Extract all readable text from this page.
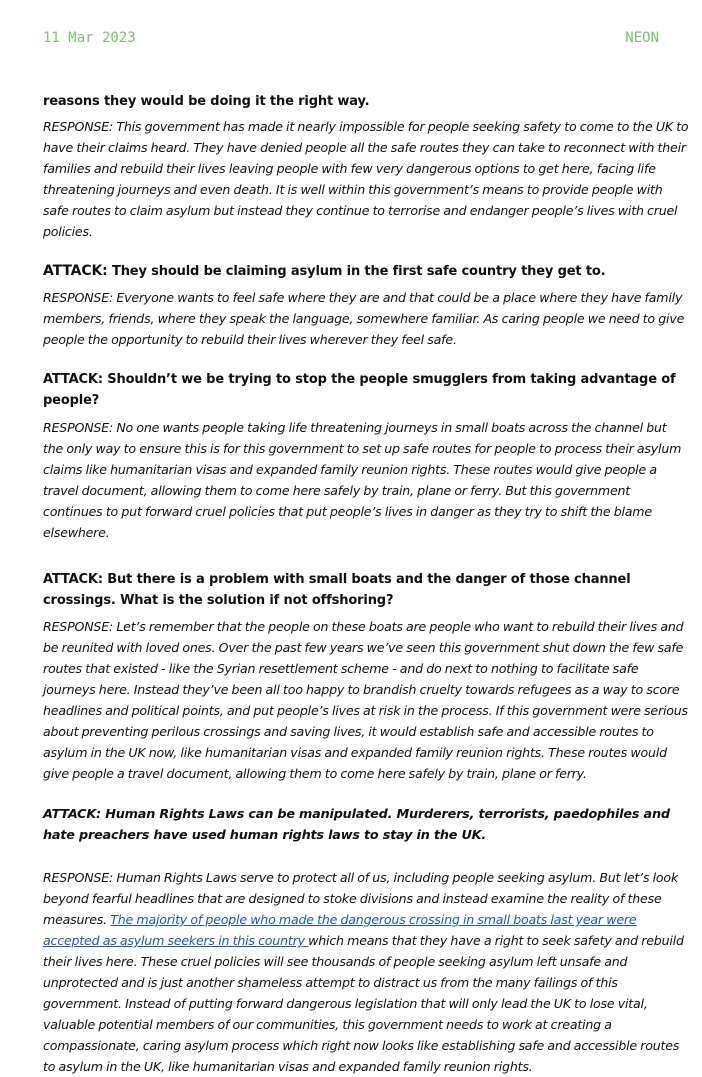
11 Mar 2023	NEON

reasons they would be doing it the right way.

RESPONSE: This government has made it nearly impossible for people seeking safety to come to the UK to have their claims heard. They have denied people all the safe routes they can take to reconnect with their families and rebuild their lives leaving people with few very dangerous options to get here, facing life threatening journeys and even death. It is well within this government’s means to provide people with safe routes to claim asylum but instead they continue to terrorise and endanger people’s lives with cruel policies.

ATTACK: They should be claiming asylum in the first safe country they get to.

RESPONSE: Everyone wants to feel safe where they are and that could be a place where they have family members, friends, where they speak the language, somewhere familiar. As caring people we need to give people the opportunity to rebuild their lives wherever they feel safe.

ATTACK: Shouldn’t we be trying to stop the people smugglers from taking advantage of people?

RESPONSE: No one wants people taking life threatening journeys in small boats across the channel but the only way to ensure this is for this government to set up safe routes for people to process their asylum claims like humanitarian visas and expanded family reunion rights. These routes would give people a travel document, allowing them to come here safely by train, plane or ferry. But this government continues to put forward cruel policies that put people’s lives in danger as they try to shift the blame elsewhere.

ATTACK: But there is a problem with small boats and the danger of those channel crossings. What is the solution if not offshoring?

RESPONSE: Let’s remember that the people on these boats are people who want to rebuild their lives and be reunited with loved ones. Over the past few years we’ve seen this government shut down the few safe routes that existed - like the Syrian resettlement scheme - and do next to nothing to facilitate safe journeys here. Instead they’ve been all too happy to brandish cruelty towards refugees as a way to score headlines and political points, and put people’s lives at risk in the process. If this government were serious about preventing perilous crossings and saving lives, it would establish safe and accessible routes to asylum in the UK now, like humanitarian visas and expanded family reunion rights. These routes would give people a travel document, allowing them to come here safely by train, plane or ferry.

ATTACK: Human Rights Laws can be manipulated. Murderers, terrorists, paedophiles and hate preachers have used human rights laws to stay in the UK.

RESPONSE: Human Rights Laws serve to protect all of us, including people seeking asylum. But let’s look beyond fearful headlines that are designed to stoke divisions and instead examine the reality of these measures. The majority of people who made the dangerous crossing in small boats last year were accepted as asylum seekers in this country which means that they have a right to seek safety and rebuild their lives here. These cruel policies will see thousands of people seeking asylum left unsafe and unprotected and is just another shameless attempt to distract us from the many failings of this government. Instead of putting forward dangerous legislation that will only lead the UK to lose vital, valuable potential members of our communities, this government needs to work at creating a compassionate, caring asylum process which right now looks like establishing safe and accessible routes to asylum in the UK, like humanitarian visas and expanded family reunion rights.
